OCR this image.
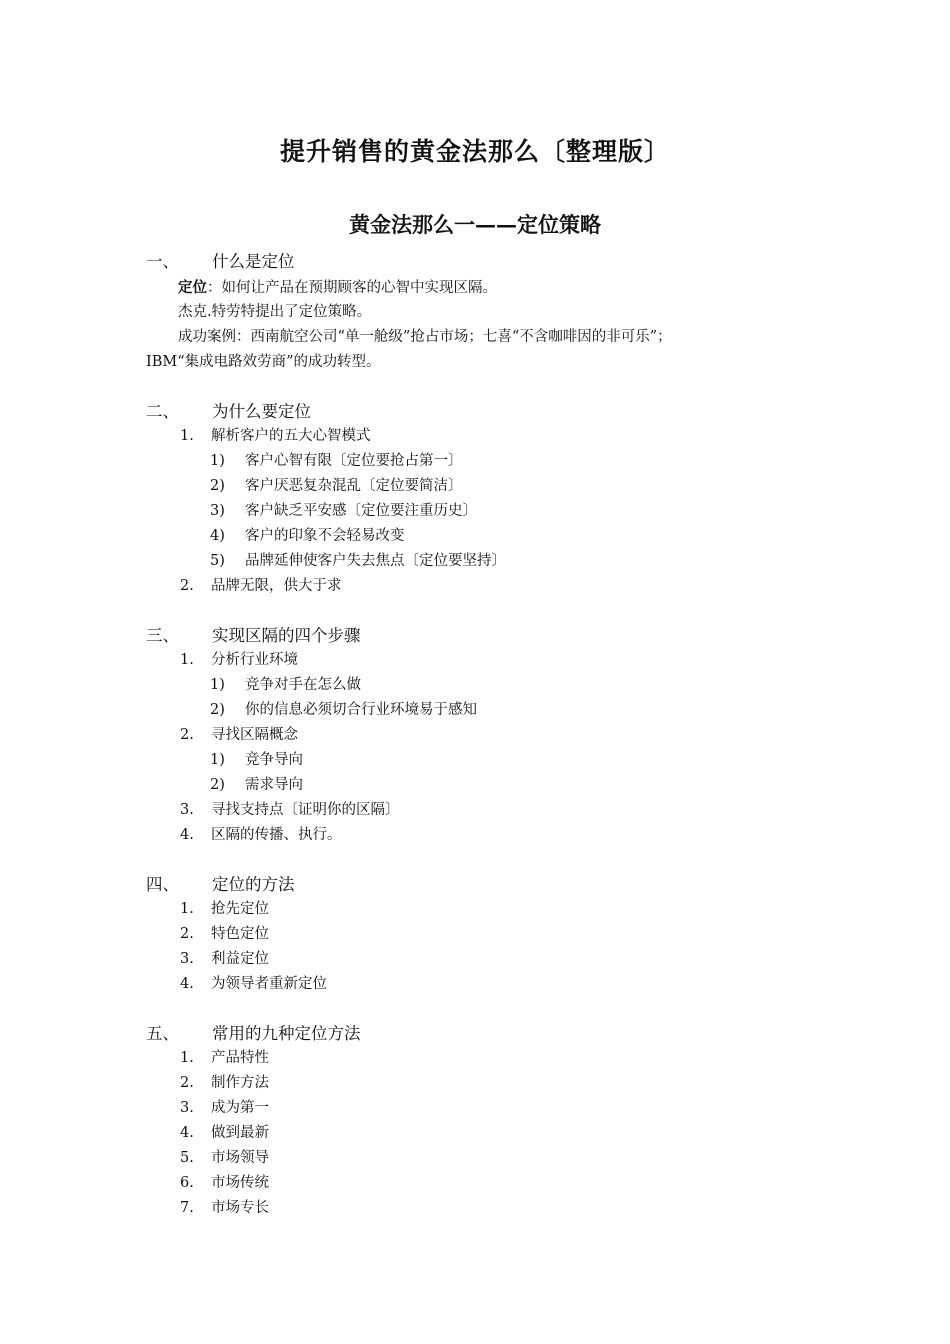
提升销售的黄金法那么〔整理版〕
黄金法那么一——定位策略
一、 什么是定位
定位：如何让产品在预期顾客的心智中实现区隔。
杰克.特劳特提出了定位策略。
成功案例：西南航空公司“单一舱级”抢占市场；七喜“不含咖啡因的非可乐”；
IBM“集成电路效劳商”的成功转型。
二、 为什么要定位
1. 解析客户的五大心智模式
1) 客户心智有限〔定位要抢占第一〕
2) 客户厌恶复杂混乱〔定位要简洁〕
3) 客户缺乏平安感〔定位要注重历史〕
4) 客户的印象不会轻易改变
5) 品牌延伸使客户失去焦点〔定位要坚持〕
2. 品牌无限，供大于求
三、 实现区隔的四个步骤
1. 分析行业环境
1) 竞争对手在怎么做
2) 你的信息必须切合行业环境易于感知
2. 寻找区隔概念
1) 竞争导向
2) 需求导向
3. 寻找支持点〔证明你的区隔〕
4. 区隔的传播、执行。
四、 定位的方法
1. 抢先定位
2. 特色定位
3. 利益定位
4. 为领导者重新定位
五、 常用的九种定位方法
1. 产品特性
2. 制作方法
3. 成为第一
4. 做到最新
5. 市场领导
6. 市场传统
7. 市场专长
